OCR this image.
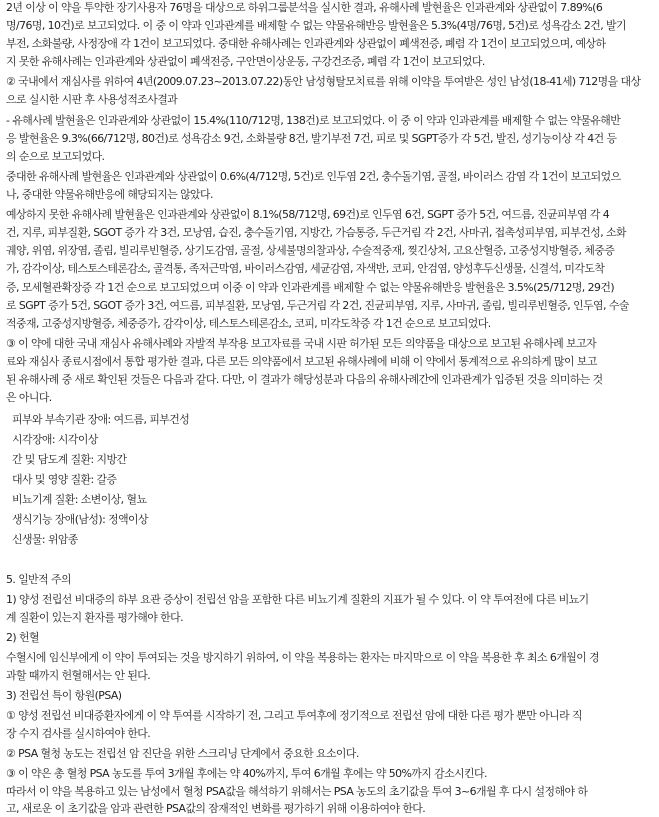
2년 이상 이 약을 투약한 장기사용자 76명을 대상으로 하위그룹분석을 실시한 결과, 유해사례 발현율은 인과관계와 상관없이 7.89%(6
명/76명, 10건)로 보고되었다. 이 중 이 약과 인과관계를 배제할 수 없는 약물유해반응 발현율은 5.3%(4명/76명, 5건)로 성욕감소 2건, 발기
부전, 소화불량, 사정장애 각 1건이 보고되었다. 중대한 유해사례는 인과관계와 상관없이 폐색전증, 폐렴 각 1건이 보고되었으며, 예상하
지 못한 유해사례는 인과관계와 상관없이 폐색전증, 구안면이상운동, 구강건조증, 폐렴 각 1건이 보고되었다.
② 국내에서 재심사를 위하여 4년(2009.07.23~2013.07.22)동안 남성형탈모치료를 위해 이약을 투여받은 성인 남성(18-41세) 712명을 대상
으로 실시한 시판 후 사용성적조사결과
- 유해사례 발현율은 인과관계와 상관없이 15.4%(110/712명, 138건)로 보고되었다. 이 중 이 약과 인과관계를 배제할 수 없는 약물유해반
응 발현율은 9.3%(66/712명, 80건)로 성욕감소 9건, 소화불량 8건, 발기부전 7건, 피로 및 SGPT증가 각 5건, 발진, 성기능이상 각 4건 등
의 순으로 보고되었다.
중대한 유해사례 발현율은 인과관계와 상관없이 0.6%(4/712명, 5건)로 인두염 2건, 충수돌기염, 골절, 바이러스 감염 각 1건이 보고되었으
나, 중대한 약물유해반응에 해당되지는 않았다.
예상하지 못한 유해사례 발현율은 인과관계와 상관없이 8.1%(58/712명, 69건)로 인두염 6건, SGPT 증가 5건, 여드름, 진균피부염 각 4
건, 지루, 피부질환, SGOT 증가 각 3건, 모낭염, 습진, 충수돌기염, 지방간, 가슴통증, 두근거림 각 2건, 사마귀, 접촉성피부염, 피부건성, 소화
궤양, 위염, 위장염, 졸림, 빌리루빈혈증, 상기도감염, 골절, 상세불명의찰과상, 수술적중재, 찢긴상처, 고요산혈증, 고중성지방혈증, 체중증
가, 감각이상, 테스토스테론감소, 골격통, 족저근막염, 바이러스감염, 세균감염, 자색반, 코피, 안검염, 양성후두신생물, 신결석, 미각도착
증, 모세혈관확장증 각 1건 순으로 보고되었으며 이중 이 약과 인과관계를 배제할 수 없는 약물유해반응 발현율은 3.5%(25/712명, 29건)
로 SGPT 증가 5건, SGOT 증가 3건, 여드름, 피부질환, 모낭염, 두근거림 각 2건, 진균피부염, 지루, 사마귀, 졸림, 빌리루빈혈증, 인두염, 수술
적중재, 고중성지방혈증, 체중증가, 감각이상, 테스토스테론감소, 코피, 미각도착증 각 1건 순으로 보고되었다.
③ 이 약에 대한 국내 재심사 유해사례와 자발적 부작용 보고자료를 국내 시판 허가된 모든 의약품을 대상으로 보고된 유해사례 보고자
료와 재심사 종료시점에서 통합 평가한 결과, 다른 모든 의약품에서 보고된 유해사례에 비해 이 약에서 통계적으로 유의하게 많이 보고
된 유해사례 중 새로 확인된 것들은 다음과 같다. 다만, 이 결과가 해당성분과 다음의 유해사례간에 인과관계가 입증된 것을 의미하는 것
은 아니다.
피부와 부속기관 장애: 여드름, 피부건성
시각장애: 시각이상
간 및 담도계 질환: 지방간
대사 및 영양 질환: 갈증
비뇨기계 질환: 소변이상, 혈뇨
생식기능 장애(남성): 정액이상
신생물: 위암종
5. 일반적 주의
1) 양성 전립선 비대증의 하부 요관 증상이 전립선 암을 포함한 다른 비뇨기계 질환의 지표가 될 수 있다. 이 약 투여전에 다른 비뇨기
계 질환이 있는지 환자를 평가해야 한다.
2) 헌혈
수혈시에 임신부에게 이 약이 투여되는 것을 방지하기 위하여, 이 약을 복용하는 환자는 마지막으로 이 약을 복용한 후 최소 6개월이 경
과할 때까지 헌혈해서는 안 된다.
3) 전립선 특이 항원(PSA)
① 양성 전립선 비대증환자에게 이 약 투여를 시작하기 전, 그리고 투여후에 정기적으로 전립선 암에 대한 다른 평가 뿐만 아니라 직
장 수지 검사를 실시하여야 한다.
② PSA 혈청 농도는 전립선 암 진단을 위한 스크리닝 단계에서 중요한 요소이다.
③ 이 약은 총 혈청 PSA 농도를 투여 3개월 후에는 약 40%까지, 투여 6개월 후에는 약 50%까지 감소시킨다.
따라서 이 약을 복용하고 있는 남성에서 혈청 PSA값을 해석하기 위해서는 PSA 농도의 초기값을 투여 3~6개월 후 다시 설정해야 하
고, 새로운 이 초기값을 암과 관련한 PSA값의 잠재적인 변화를 평가하기 위해 이용하여야 한다.
